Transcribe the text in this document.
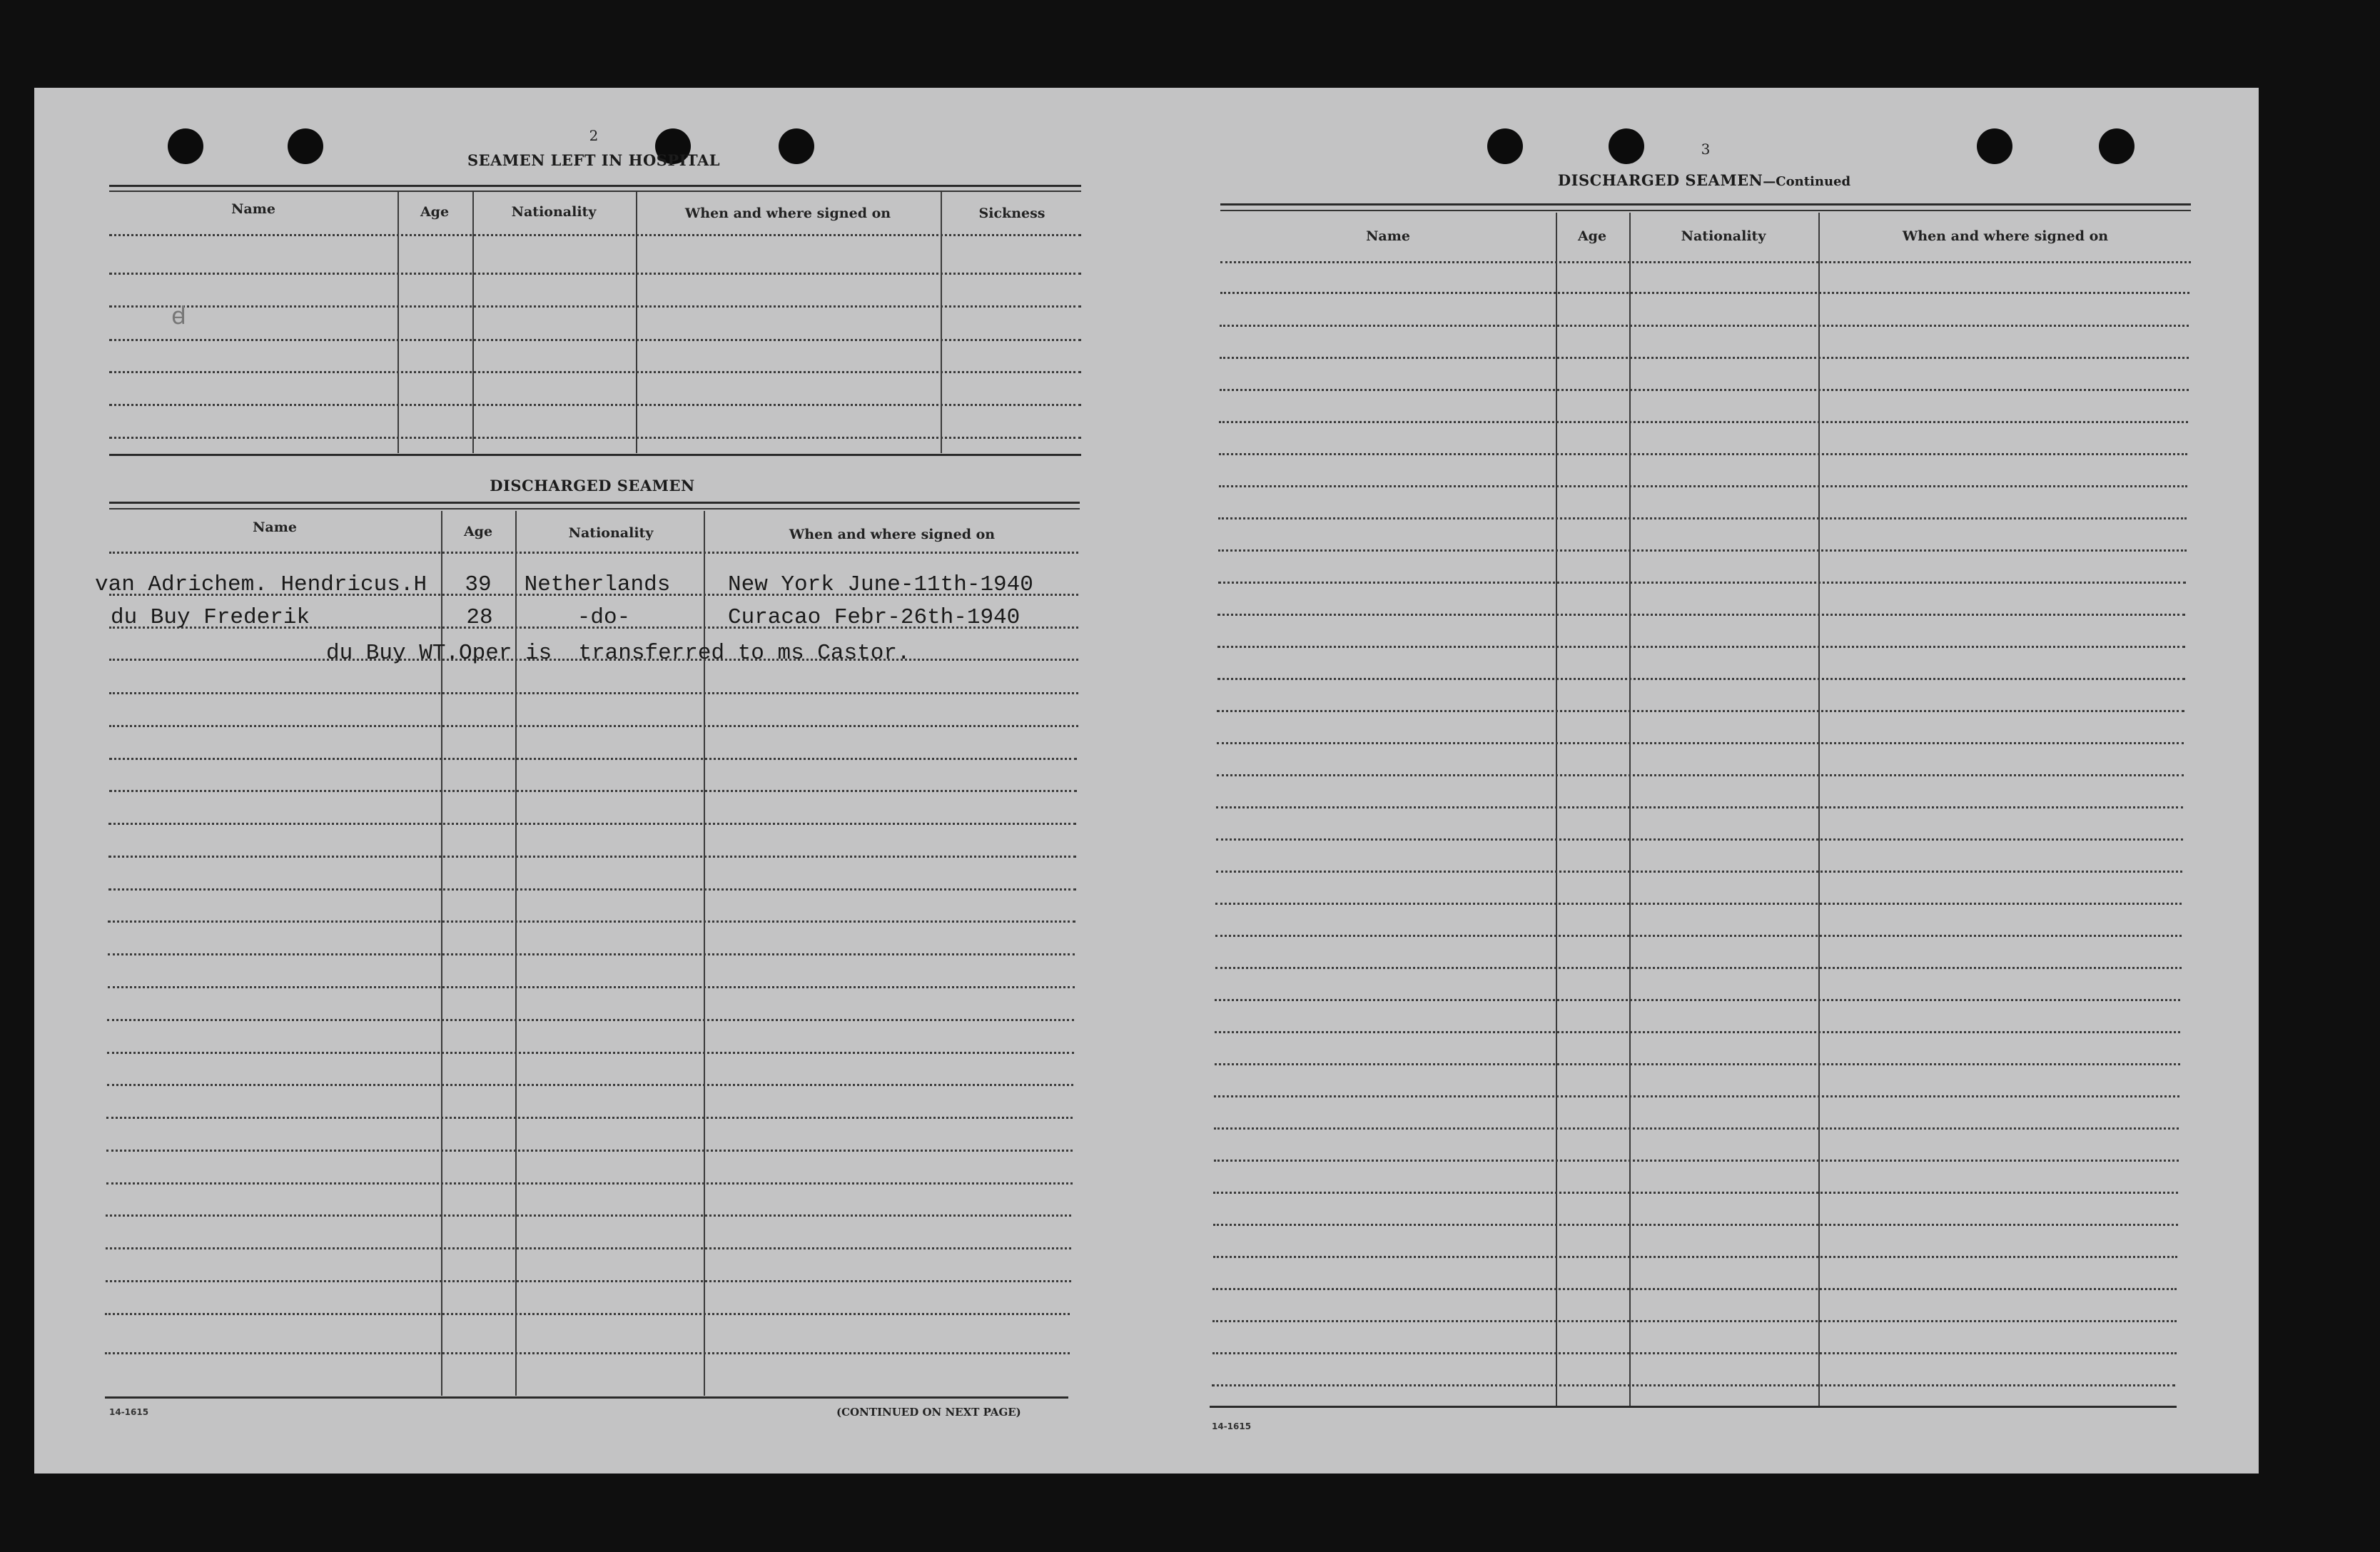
2
SEAMEN LEFT IN HOSPITAL
Name	Age	Nationality	When and where signed on	Sickness
ꟈ
DISCHARGED SEAMEN
Name	Age	Nationality	When and where signed on
van Adrichem. Hendricus.H 39 Netherlands	New York June-11th-1940
du Buy Frederik	28	-do-	Curacao Febr-26th-1940
du Buy WT.Oper is  transferred to ms Castor.
14-1615	(CONTINUED ON NEXT PAGE)
3
DISCHARGED SEAMEN—Continued
Name	Age	Nationality	When and where signed on
14-1615
